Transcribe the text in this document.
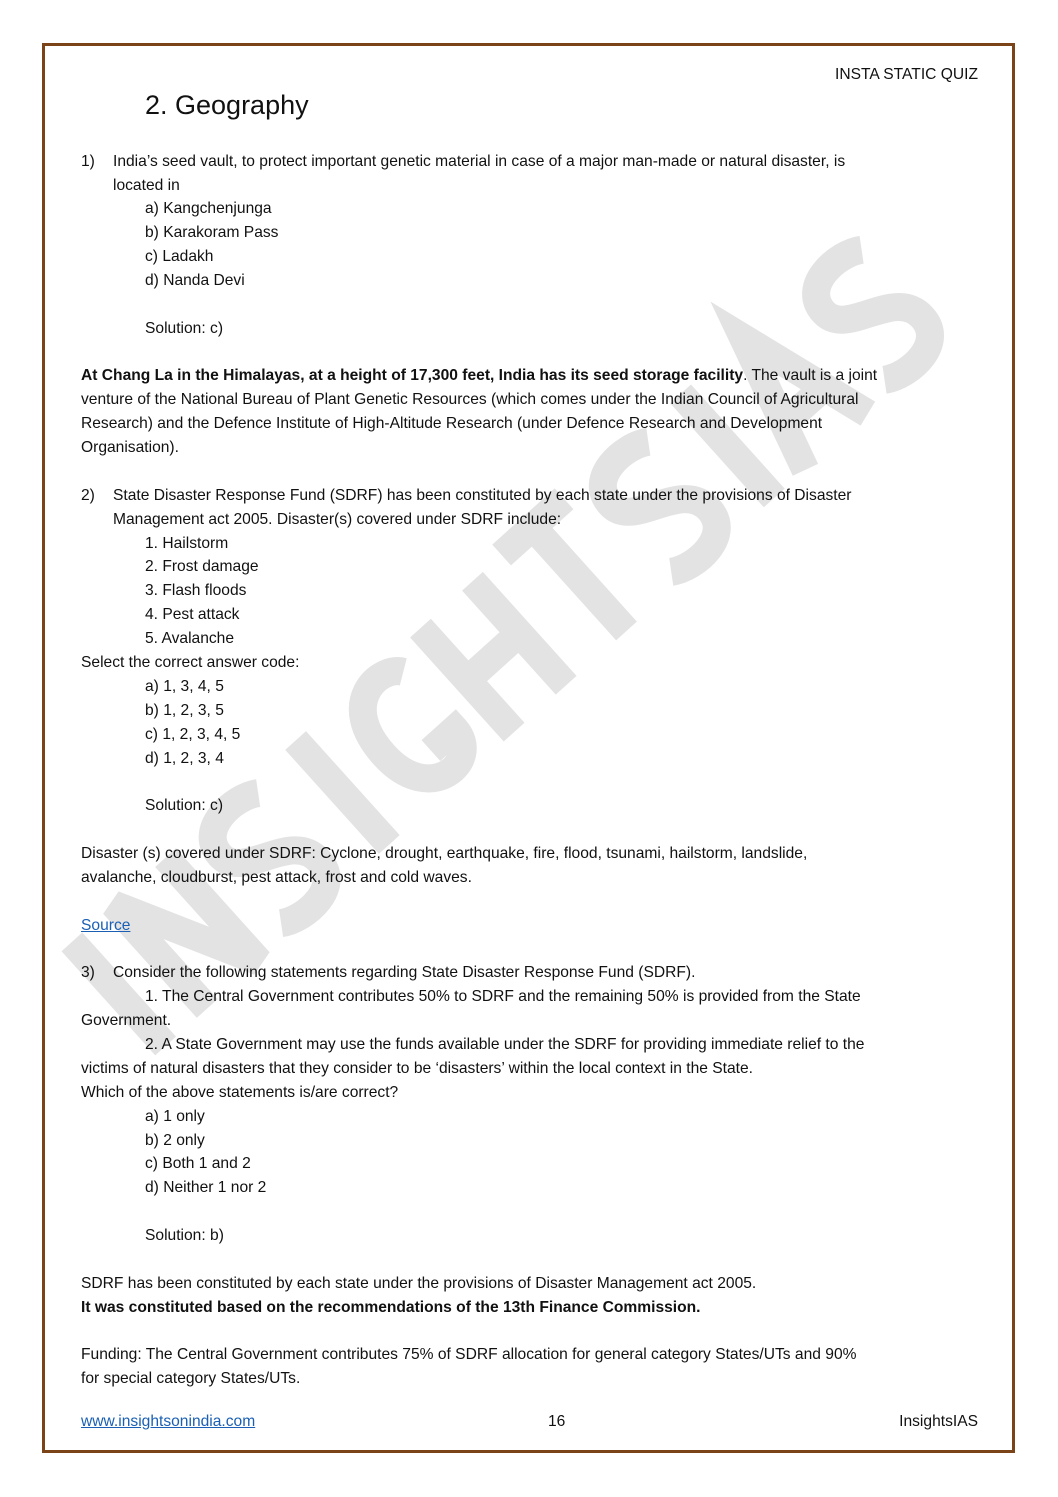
INSTA STATIC QUIZ
2. Geography
1) India’s seed vault, to protect important genetic material in case of a major man-made or natural disaster, is
located in
a) Kangchenjunga
b) Karakoram Pass
c) Ladakh
d) Nanda Devi
Solution: c)
At Chang La in the Himalayas, at a height of 17,300 feet, India has its seed storage facility. The vault is a joint
venture of the National Bureau of Plant Genetic Resources (which comes under the Indian Council of Agricultural
Research) and the Defence Institute of High-Altitude Research (under Defence Research and Development
Organisation).
2) State Disaster Response Fund (SDRF) has been constituted by each state under the provisions of Disaster
Management act 2005. Disaster(s) covered under SDRF include:
1. Hailstorm
2. Frost damage
3. Flash floods
4. Pest attack
5. Avalanche
Select the correct answer code:
a) 1, 3, 4, 5
b) 1, 2, 3, 5
c) 1, 2, 3, 4, 5
d) 1, 2, 3, 4
Solution: c)
Disaster (s) covered under SDRF: Cyclone, drought, earthquake, fire, flood, tsunami, hailstorm, landslide,
avalanche, cloudburst, pest attack, frost and cold waves.
Source
3) Consider the following statements regarding State Disaster Response Fund (SDRF).
1. The Central Government contributes 50% to SDRF and the remaining 50% is provided from the State
Government.
2. A State Government may use the funds available under the SDRF for providing immediate relief to the
victims of natural disasters that they consider to be ‘disasters’ within the local context in the State.
Which of the above statements is/are correct?
a) 1 only
b) 2 only
c) Both 1 and 2
d) Neither 1 nor 2
Solution: b)
SDRF has been constituted by each state under the provisions of Disaster Management act 2005.
It was constituted based on the recommendations of the 13th Finance Commission.
Funding: The Central Government contributes 75% of SDRF allocation for general category States/UTs and 90%
for special category States/UTs.
www.insightsonindia.com	16	InsightsIAS
